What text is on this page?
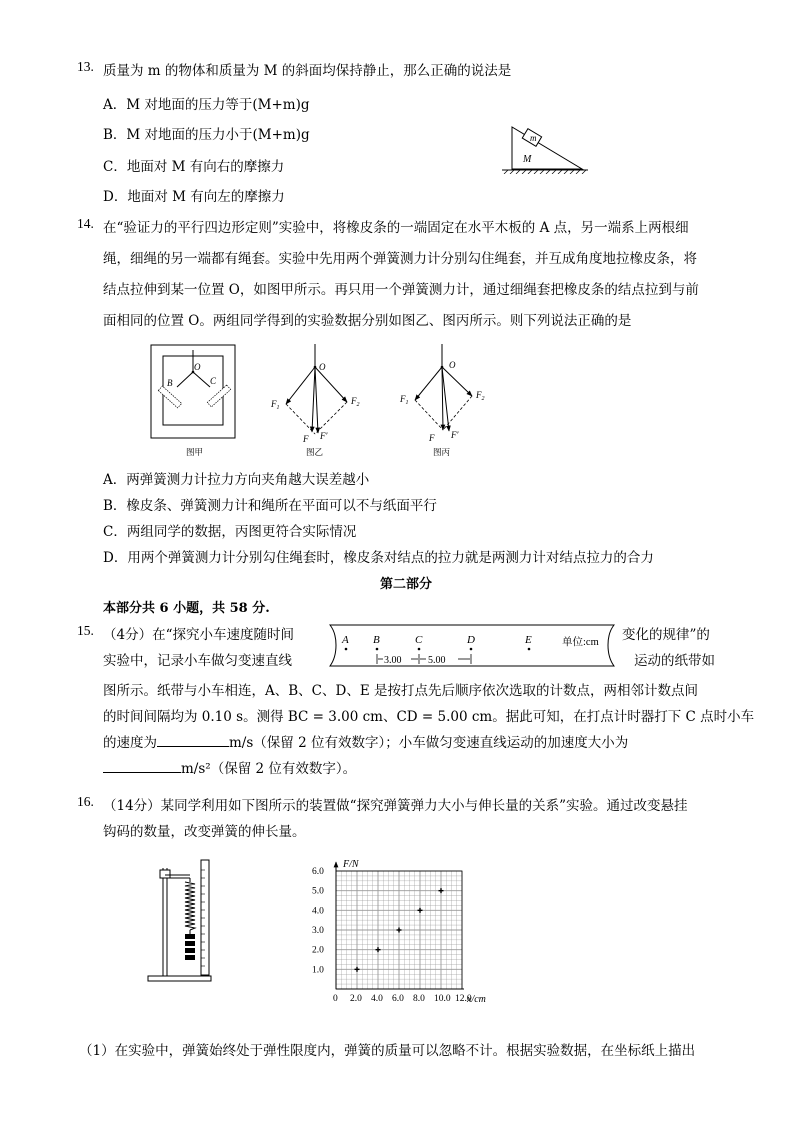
13. 质量为 m 的物体和质量为 M 的斜面均保持静止，那么正确的说法是
A．M 对地面的压力等于(M+m)g
B．M 对地面的压力小于(M+m)g
C．地面对 M 有向右的摩擦力
D．地面对 M 有向左的摩擦力
m
M
14. 在“验证力的平行四边形定则”实验中，将橡皮条的一端固定在水平木板的 A 点，另一端系上两根细
绳，细绳的另一端都有绳套。实验中先用两个弹簧测力计分别勾住绳套，并互成角度地拉橡皮条，将
结点拉伸到某一位置 O，如图甲所示。再只用一个弹簧测力计，通过细绳套把橡皮条的结点拉到与前
面相同的位置 O。两组同学得到的实验数据分别如图乙、图丙所示。则下列说法正确的是
O
B	C
图甲
O
$F_1$
$F_2$
F F′
图乙
O
$F_1$
$F_2$
F F′
图丙
A．两弹簧测力计拉力方向夹角越大误差越小
B．橡皮条、弹簧测力计和绳所在平面可以不与纸面平行
C．两组同学的数据，丙图更符合实际情况
D．用两个弹簧测力计分别勾住绳套时，橡皮条对结点的拉力就是两测力计对结点拉力的合力
第二部分
本部分共 6 小题，共 58 分.
15. （4分）在“探究小车速度随时间	变化的规律”的
实验中，记录小车做匀变速直线	运动的纸带如
A B	C	D	E
3.00	5.00
单位:cm
图所示。纸带与小车相连，A、B、C、D、E 是按打点先后顺序依次选取的计数点，两相邻计数点间
的时间间隔均为 0.10 s。测得 BC = 3.00 cm、CD = 5.00 cm。据此可知，在打点计时器打下 C 点时小车
的速度为	m/s（保留 2 位有效数字）；小车做匀变速直线运动的加速度大小为
m/s²（保留 2 位有效数字）。
16. （14分）某同学利用如下图所示的装置做“探究弹簧弹力大小与伸长量的关系”实验。通过改变悬挂
钩码的数量，改变弹簧的伸长量。
0 2.0 4.0 6.0 8.0 10.0 12.0
1.0
2.0
3.0
4.0
5.0
6.0
F/N
x/cm
（1）在实验中，弹簧始终处于弹性限度内，弹簧的质量可以忽略不计。根据实验数据，在坐标纸上描出
